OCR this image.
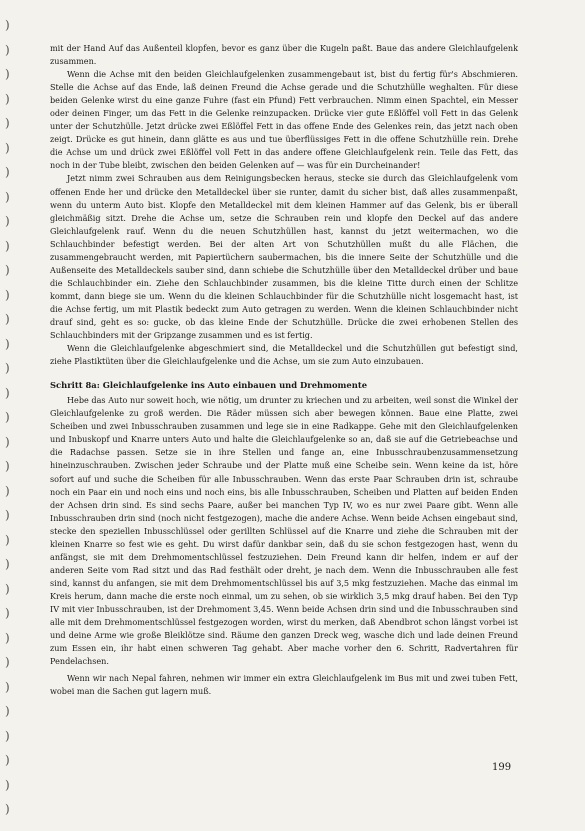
)
)
)
)
)
)
)
)
)
)
)
)
)
)
)
)
)
)
)
)
)
)
)
)
)
)
)
)
)
)
)
)
)

mit der Hand Auf das Außenteil klopfen, bevor es ganz über die Kugeln paßt. Baue das andere Gleichlaufgelenk zusammen.

Wenn die Achse mit den beiden Gleichlaufgelenken zusammengebaut ist, bist du fertig für's Abschmieren. Stelle die Achse auf das Ende, laß deinen Freund die Achse gerade und die Schutzhülle weghalten. Für diese beiden Gelenke wirst du eine ganze Fuhre (fast ein Pfund) Fett verbrauchen. Nimm einen Spachtel, ein Messer oder deinen Finger, um das Fett in die Gelenke reinzupacken. Drücke vier gute Eßlöffel voll Fett in das Gelenk unter der Schutzhülle. Jetzt drücke zwei Eßlöffel Fett in das offene Ende des Gelenkes rein, das jetzt nach oben zeigt. Drücke es gut hinein, dann glätte es aus und tue überflüssiges Fett in die offene Schutzhülle rein. Drehe die Achse um und drück zwei Eßlöffel voll Fett in das andere offene Gleichlaufgelenk rein. Teile das Fett, das noch in der Tube bleibt, zwischen den beiden Gelenken auf — was für ein Durcheinander!

Jetzt nimm zwei Schrauben aus dem Reinigungsbecken heraus, stecke sie durch das Gleichlaufgelenk vom offenen Ende her und drücke den Metalldeckel über sie runter, damit du sicher bist, daß alles zusammenpaßt, wenn du unterm Auto bist. Klopfe den Metalldeckel mit dem kleinen Hammer auf das Gelenk, bis er überall gleichmäßig sitzt. Drehe die Achse um, setze die Schrauben rein und klopfe den Deckel auf das andere Gleichlaufgelenk rauf. Wenn du die neuen Schutzhüllen hast, kannst du jetzt weitermachen, wo die Schlauchbinder befestigt werden. Bei der alten Art von Schutzhüllen mußt du alle Flächen, die zusammengebraucht werden, mit Papiertüchern saubermachen, bis die innere Seite der Schutzhülle und die Außenseite des Metalldeckels sauber sind, dann schiebe die Schutzhülle über den Metalldeckel drüber und baue die Schlauchbinder ein. Ziehe den Schlauchbinder zusammen, bis die kleine Titte durch einen der Schlitze kommt, dann biege sie um. Wenn du die kleinen Schlauchbinder für die Schutzhülle nicht losgemacht hast, ist die Achse fertig, um mit Plastik bedeckt zum Auto getragen zu werden. Wenn die kleinen Schlauchbinder nicht drauf sind, geht es so: gucke, ob das kleine Ende der Schutzhülle. Drücke die zwei erhobenen Stellen des Schlauchbinders mit der Gripzange zusammen und es ist fertig.

Wenn die Gleichlaufgelenke abgeschmiert sind, die Metalldeckel und die Schutzhüllen gut befestigt sind, ziehe Plastiktüten über die Gleichlaufgelenke und die Achse, um sie zum Auto einzubauen.

Schritt 8a: Gleichlaufgelenke ins Auto einbauen und Drehmomente

Hebe das Auto nur soweit hoch, wie nötig, um drunter zu kriechen und zu arbeiten, weil sonst die Winkel der Gleichlaufgelenke zu groß werden. Die Räder müssen sich aber bewegen können. Baue eine Platte, zwei Scheiben und zwei Inbusschrauben zusammen und lege sie in eine Radkappe. Gehe mit den Gleichlaufgelenken und Inbuskopf und Knarre unters Auto und halte die Gleichlaufgelenke so an, daß sie auf die Getriebeachse und die Radachse passen. Setze sie in ihre Stellen und fange an, eine Inbusschraubenzusammensetzung hineinzuschrauben. Zwischen jeder Schraube und der Platte muß eine Scheibe sein. Wenn keine da ist, höre sofort auf und suche die Scheiben für alle Inbusschrauben. Wenn das erste Paar Schrauben drin ist, schraube noch ein Paar ein und noch eins und noch eins, bis alle Inbusschrauben, Scheiben und Platten auf beiden Enden der Achsen drin sind. Es sind sechs Paare, außer bei manchen Typ IV, wo es nur zwei Paare gibt. Wenn alle Inbusschrauben drin sind (noch nicht festgezogen), mache die andere Achse. Wenn beide Achsen eingebaut sind, stecke den speziellen Inbusschlüssel oder gerillten Schlüssel auf die Knarre und ziehe die Schrauben mit der kleinen Knarre so fest wie es geht. Du wirst dafür dankbar sein, daß du sie schon festgezogen hast, wenn du anfängst, sie mit dem Drehmomentschlüssel festzuziehen. Dein Freund kann dir helfen, indem er auf der anderen Seite vom Rad sitzt und das Rad festhält oder dreht, je nach dem. Wenn die Inbusschrauben alle fest sind, kannst du anfangen, sie mit dem Drehmomentschlüssel bis auf 3,5 mkg festzuziehen. Mache das einmal im Kreis herum, dann mache die erste noch einmal, um zu sehen, ob sie wirklich 3,5 mkg drauf haben. Bei den Typ IV mit vier Inbusschrauben, ist der Drehmoment 3,45. Wenn beide Achsen drin sind und die Inbusschrauben sind alle mit dem Drehmomentschlüssel festgezogen worden, wirst du merken, daß Abendbrot schon längst vorbei ist und deine Arme wie große Bleiklötze sind. Räume den ganzen Dreck weg, wasche dich und lade deinen Freund zum Essen ein, ihr habt einen schweren Tag gehabt. Aber mache vorher den 6. Schritt, Radvertahren für Pendelachsen.

Wenn wir nach Nepal fahren, nehmen wir immer ein extra Gleichlaufgelenk im Bus mit und zwei tuben Fett, wobei man die Sachen gut lagern muß.

199
